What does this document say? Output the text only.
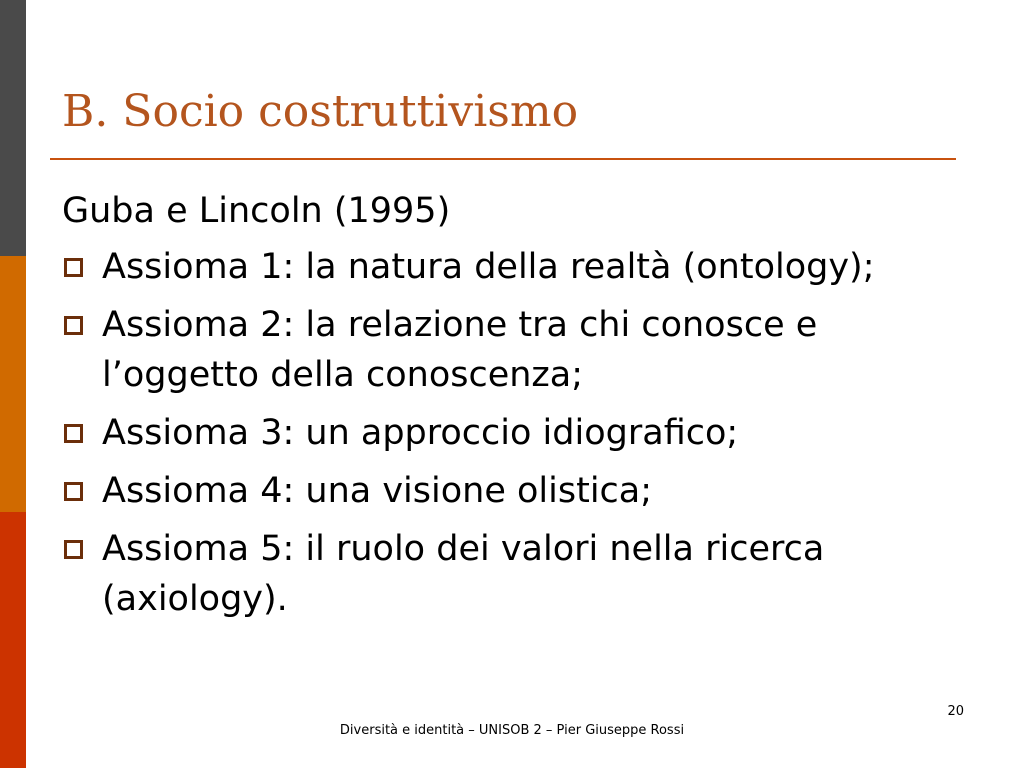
B. Socio costruttivismo

Guba e Lincoln (1995)

Assioma 1: la natura della realtà (ontology);
Assioma 2: la relazione tra chi conosce e l’oggetto della conoscenza;
Assioma 3: un approccio idiografico;
Assioma 4: una visione olistica;
Assioma 5: il ruolo dei valori nella ricerca (axiology).
20
Diversità e identità – UNISOB 2 – Pier Giuseppe Rossi
